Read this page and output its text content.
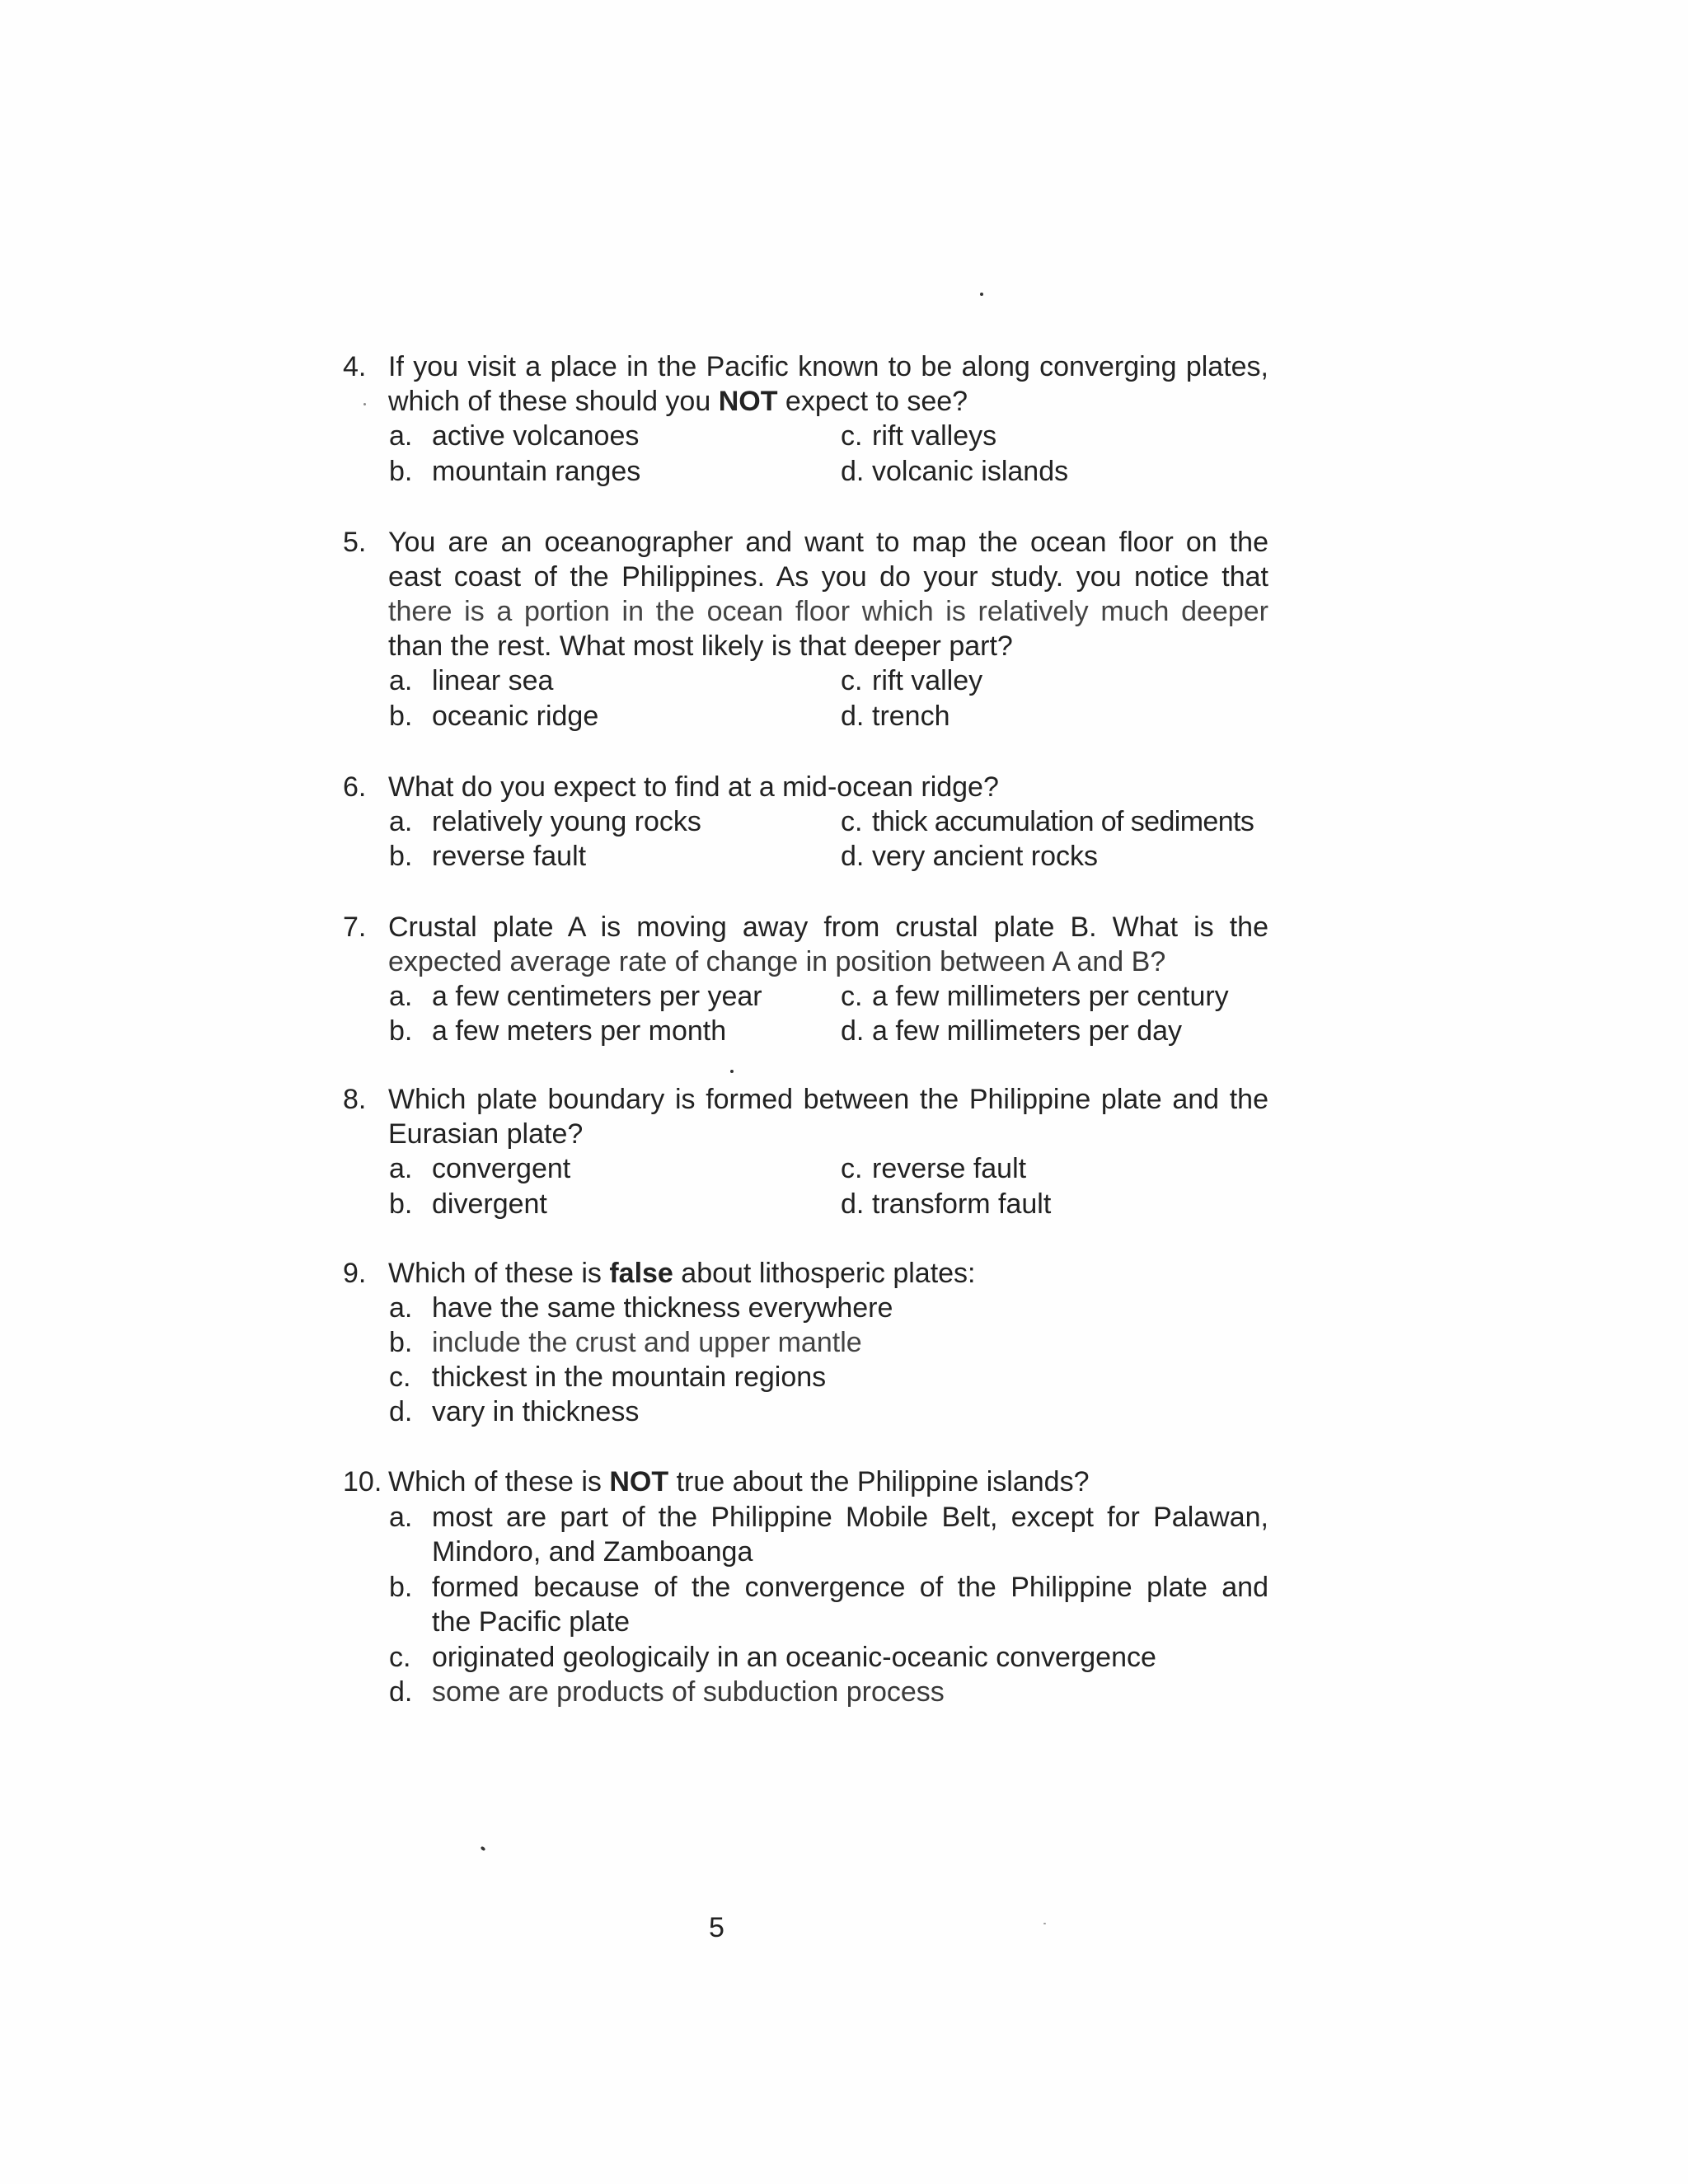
4. If you visit a place in the Pacific known to be along converging plates,
which of these should you NOT expect to see?
a. active volcanoes
b. mountain ranges
c. rift valleys
d. volcanic islands
5. You are an oceanographer and want to map the ocean floor on the
east coast of the Philippines. As you do your study. you notice that
there is a portion in the ocean floor which is relatively much deeper
than the rest. What most likely is that deeper part?
a. linear sea
b. oceanic ridge
c. rift valley
d. trench
6. What do you expect to find at a mid-ocean ridge?
a. relatively young rocks
b. reverse fault
c. thick accumulation of sediments
d. very ancient rocks
7. Crustal plate A is moving away from crustal plate B. What is the
expected average rate of change in position between A and B?
a. a few centimeters per year
b. a few meters per month
c. a few millimeters per century
d. a few millimeters per day
8. Which plate boundary is formed between the Philippine plate and the
Eurasian plate?
a. convergent
b. divergent
c. reverse fault
d. transform fault
9. Which of these is false about lithosperic plates:
a. have the same thickness everywhere
b. include the crust and upper mantle
c. thickest in the mountain regions
d. vary in thickness
10. Which of these is NOT true about the Philippine islands?
a. most are part of the Philippine Mobile Belt, except for Palawan,
Mindoro, and Zamboanga
b. formed because of the convergence of the Philippine plate and
the Pacific plate
c. originated geologicaily in an oceanic-oceanic convergence
d. some are products of subduction process
5
